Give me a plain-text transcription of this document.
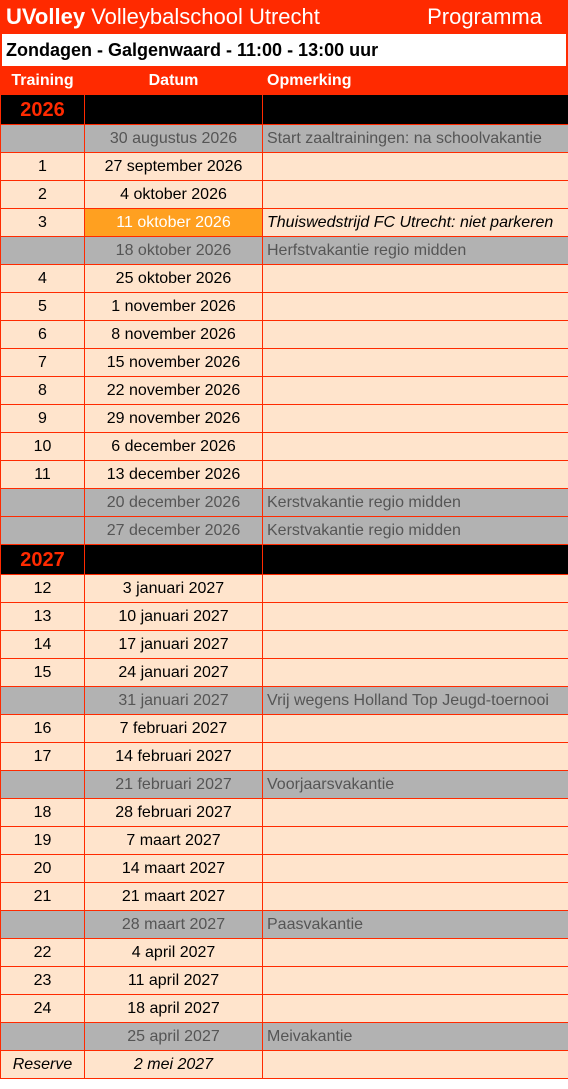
UVolley Volleybalschool Utrecht	Programma
Zondagen - Galgenwaard - 11:00 - 13:00 uur
Training	Datum	Opmerking
2026		
	30 augustus 2026	Start zaaltrainingen: na schoolvakantie
1	27 september 2026	
2	4 oktober 2026	
3	11 oktober 2026	Thuiswedstrijd FC Utrecht: niet parkeren
	18 oktober 2026	Herfstvakantie regio midden
4	25 oktober 2026	
5	1 november 2026	
6	8 november 2026	
7	15 november 2026	
8	22 november 2026	
9	29 november 2026	
10	6 december 2026	
11	13 december 2026	
	20 december 2026	Kerstvakantie regio midden
	27 december 2026	Kerstvakantie regio midden
2027		
12	3 januari 2027	
13	10 januari 2027	
14	17 januari 2027	
15	24 januari 2027	
	31 januari 2027	Vrij wegens Holland Top Jeugd-toernooi
16	7 februari 2027	
17	14 februari 2027	
	21 februari 2027	Voorjaarsvakantie
18	28 februari 2027	
19	7 maart 2027	
20	14 maart 2027	
21	21 maart 2027	
	28 maart 2027	Paasvakantie
22	4 april 2027	
23	11 april 2027	
24	18 april 2027	
	25 april 2027	Meivakantie
Reserve	2 mei 2027	
